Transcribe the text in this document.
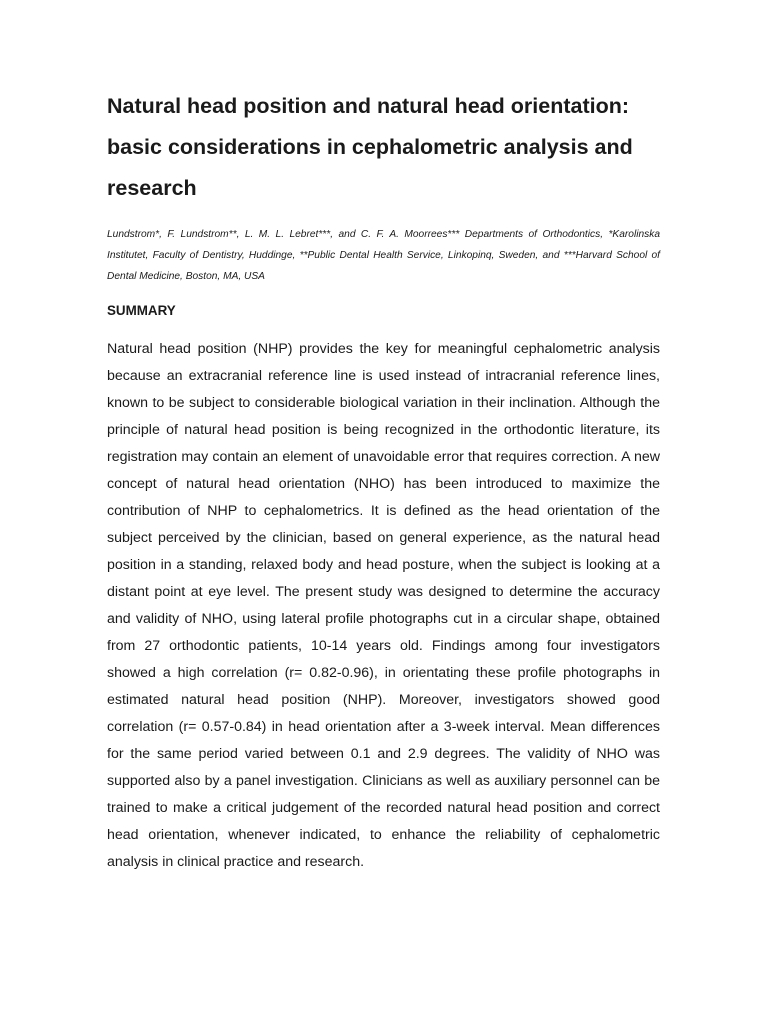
Natural head position and natural head orientation: basic considerations in cephalometric analysis and research

Lundstrom*, F. Lundstrom**, L. M. L. Lebret***, and C. F. A. Moorrees*** Departments of Orthodontics, *Karolinska Institutet, Faculty of Dentistry, Huddinge, **Public Dental Health Service, Linkopinq, Sweden, and ***Harvard School of Dental Medicine, Boston, MA, USA

SUMMARY

Natural head position (NHP) provides the key for meaningful cephalometric analysis because an extracranial reference line is used instead of intracranial reference lines, known to be subject to considerable biological variation in their inclination. Although the principle of natural head position is being recognized in the orthodontic literature, its registration may contain an element of unavoidable error that requires correction. A new concept of natural head orientation (NHO) has been introduced to maximize the contribution of NHP to cephalometrics. It is defined as the head orientation of the subject perceived by the clinician, based on general experience, as the natural head position in a standing, relaxed body and head posture, when the subject is looking at a distant point at eye level. The present study was designed to determine the accuracy and validity of NHO, using lateral profile photographs cut in a circular shape, obtained from 27 orthodontic patients, 10-14 years old. Findings among four investigators showed a high correlation (r= 0.82-0.96), in orientating these profile photographs in estimated natural head position (NHP). Moreover, investigators showed good correlation (r= 0.57-0.84) in head orientation after a 3-week interval. Mean differences for the same period varied between 0.1 and 2.9 degrees. The validity of NHO was supported also by a panel investigation. Clinicians as well as auxiliary personnel can be trained to make a critical judgement of the recorded natural head position and correct head orientation, whenever indicated, to enhance the reliability of cephalometric analysis in clinical practice and research.
